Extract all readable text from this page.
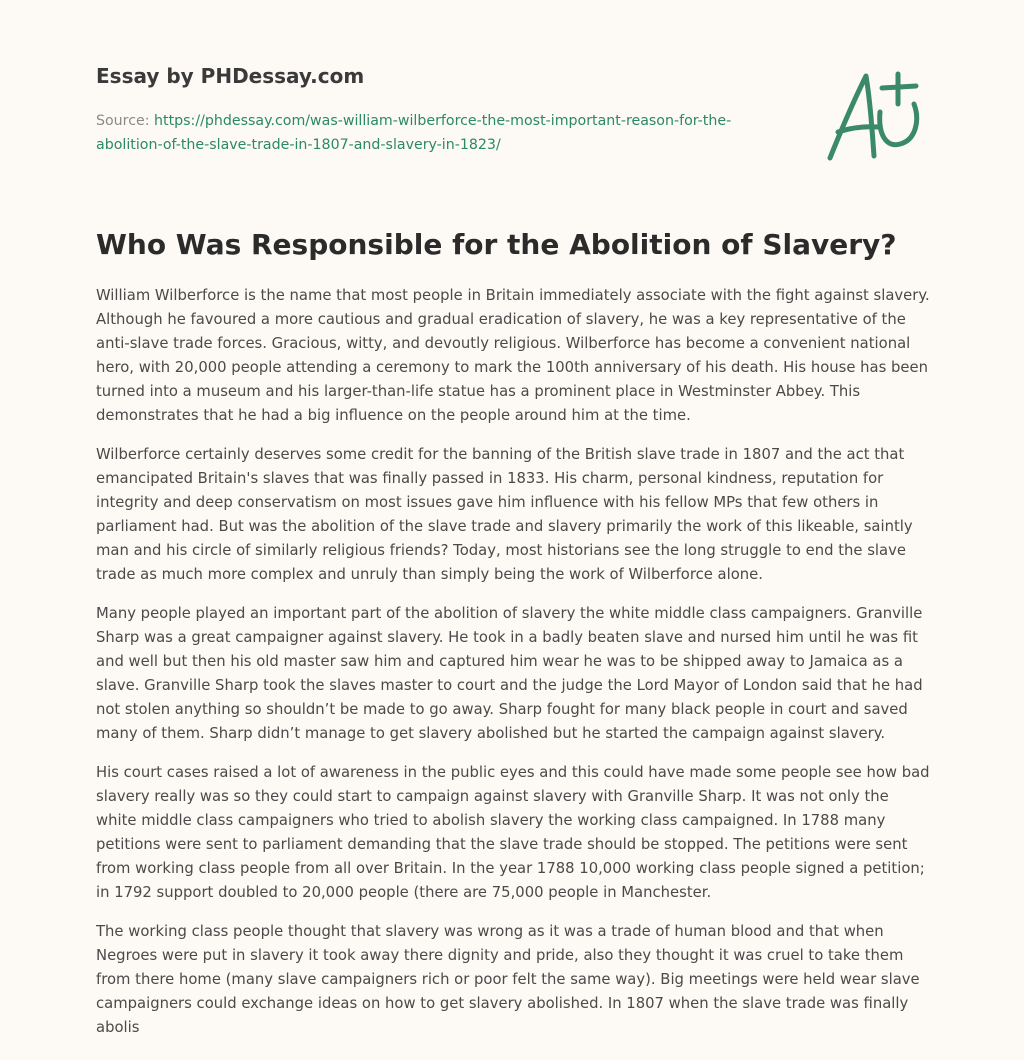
Essay by PHDessay.com
Source: https://phdessay.com/was-william-wilberforce-the-most-important-reason-for-the-abolition-of-the-slave-trade-in-1807-and-slavery-in-1823/
Who Was Responsible for the Abolition of Slavery?

William Wilberforce is the name that most people in Britain immediately associate with the fight against slavery. Although he favoured a more cautious and gradual eradication of slavery, he was a key representative of the anti-slave trade forces. Gracious, witty, and devoutly religious. Wilberforce has become a convenient national hero, with 20,000 people attending a ceremony to mark the 100th anniversary of his death. His house has been turned into a museum and his larger-than-life statue has a prominent place in Westminster Abbey. This demonstrates that he had a big influence on the people around him at the time.

Wilberforce certainly deserves some credit for the banning of the British slave trade in 1807 and the act that emancipated Britain's slaves that was finally passed in 1833. His charm, personal kindness, reputation for integrity and deep conservatism on most issues gave him influence with his fellow MPs that few others in parliament had. But was the abolition of the slave trade and slavery primarily the work of this likeable, saintly man and his circle of similarly religious friends? Today, most historians see the long struggle to end the slave trade as much more complex and unruly than simply being the work of Wilberforce alone.

Many people played an important part of the abolition of slavery the white middle class campaigners. Granville Sharp was a great campaigner against slavery. He took in a badly beaten slave and nursed him until he was fit and well but then his old master saw him and captured him wear he was to be shipped away to Jamaica as a slave. Granville Sharp took the slaves master to court and the judge the Lord Mayor of London said that he had not stolen anything so shouldn’t be made to go away. Sharp fought for many black people in court and saved many of them. Sharp didn’t manage to get slavery abolished but he started the campaign against slavery.

His court cases raised a lot of awareness in the public eyes and this could have made some people see how bad slavery really was so they could start to campaign against slavery with Granville Sharp. It was not only the white middle class campaigners who tried to abolish slavery the working class campaigned. In 1788 many petitions were sent to parliament demanding that the slave trade should be stopped. The petitions were sent from working class people from all over Britain. In the year 1788 10,000 working class people signed a petition; in 1792 support doubled to 20,000 people (there are 75,000 people in Manchester.

The working class people thought that slavery was wrong as it was a trade of human blood and that when Negroes were put in slavery it took away there dignity and pride, also they thought it was cruel to take them from there home (many slave campaigners rich or poor felt the same way). Big meetings were held wear slave campaigners could exchange ideas on how to get slavery abolished. In 1807 when the slave trade was finally abolis
